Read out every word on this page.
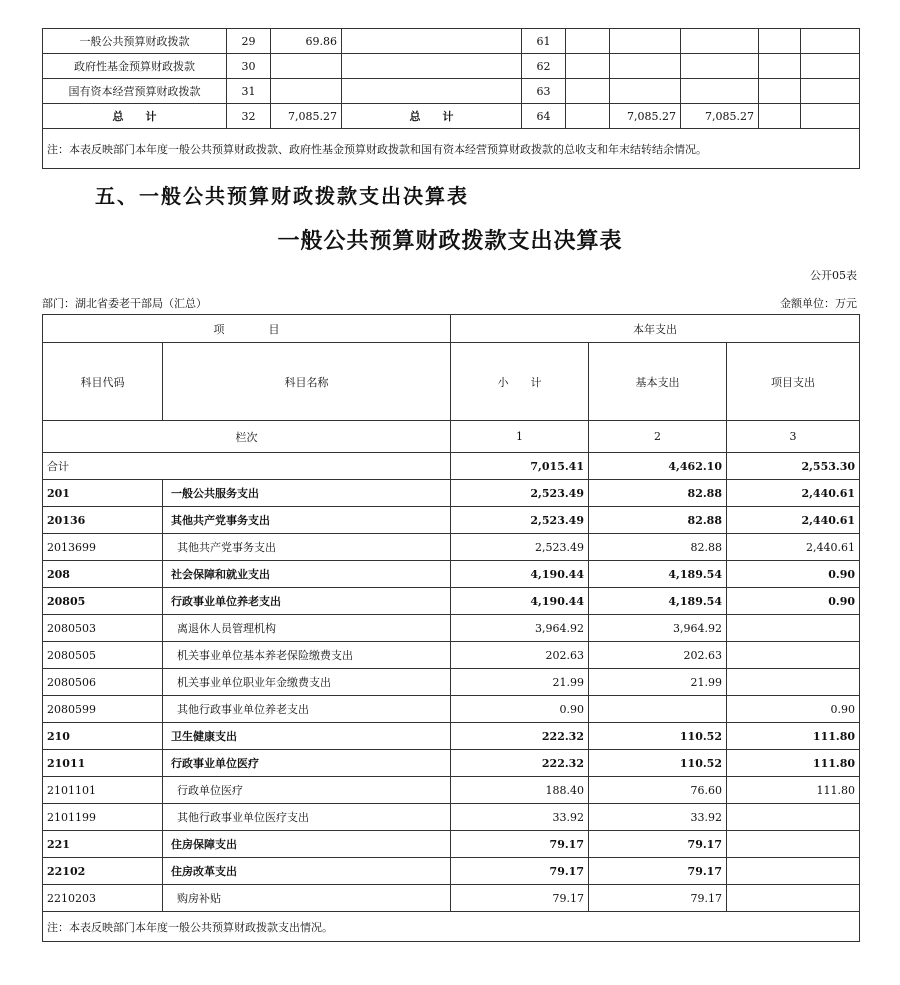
一般公共预算财政拨款	29	69.86		61					
政府性基金预算财政拨款	30			62					
国有资本经营预算财政拨款	31			63					
总　　计	32	7,085.27	总　　计	64		7,085.27	7,085.27		
注：本表反映部门本年度一般公共预算财政拨款、政府性基金预算财政拨款和国有资本经营预算财政拨款的总收支和年末结转结余情况。									
五、一般公共预算财政拨款支出决算表
一般公共预算财政拨款支出决算表
公开05表
部门：湖北省委老干部局（汇总）	金额单位：万元
项　　　　目		本年支出		
科目代码	科目名称	小　　计	基本支出	项目支出
栏次		1	2	3
合计		7,015.41	4,462.10	2,553.30
201	一般公共服务支出	2,523.49	82.88	2,440.61
20136	其他共产党事务支出	2,523.49	82.88	2,440.61
2013699	其他共产党事务支出	2,523.49	82.88	2,440.61
208	社会保障和就业支出	4,190.44	4,189.54	0.90
20805	行政事业单位养老支出	4,190.44	4,189.54	0.90
2080503	离退休人员管理机构	3,964.92	3,964.92	
2080505	机关事业单位基本养老保险缴费支出	202.63	202.63	
2080506	机关事业单位职业年金缴费支出	21.99	21.99	
2080599	其他行政事业单位养老支出	0.90		0.90
210	卫生健康支出	222.32	110.52	111.80
21011	行政事业单位医疗	222.32	110.52	111.80
2101101	行政单位医疗	188.40	76.60	111.80
2101199	其他行政事业单位医疗支出	33.92	33.92	
221	住房保障支出	79.17	79.17	
22102	住房改革支出	79.17	79.17	
2210203	购房补贴	79.17	79.17	
注：本表反映部门本年度一般公共预算财政拨款支出情况。				
